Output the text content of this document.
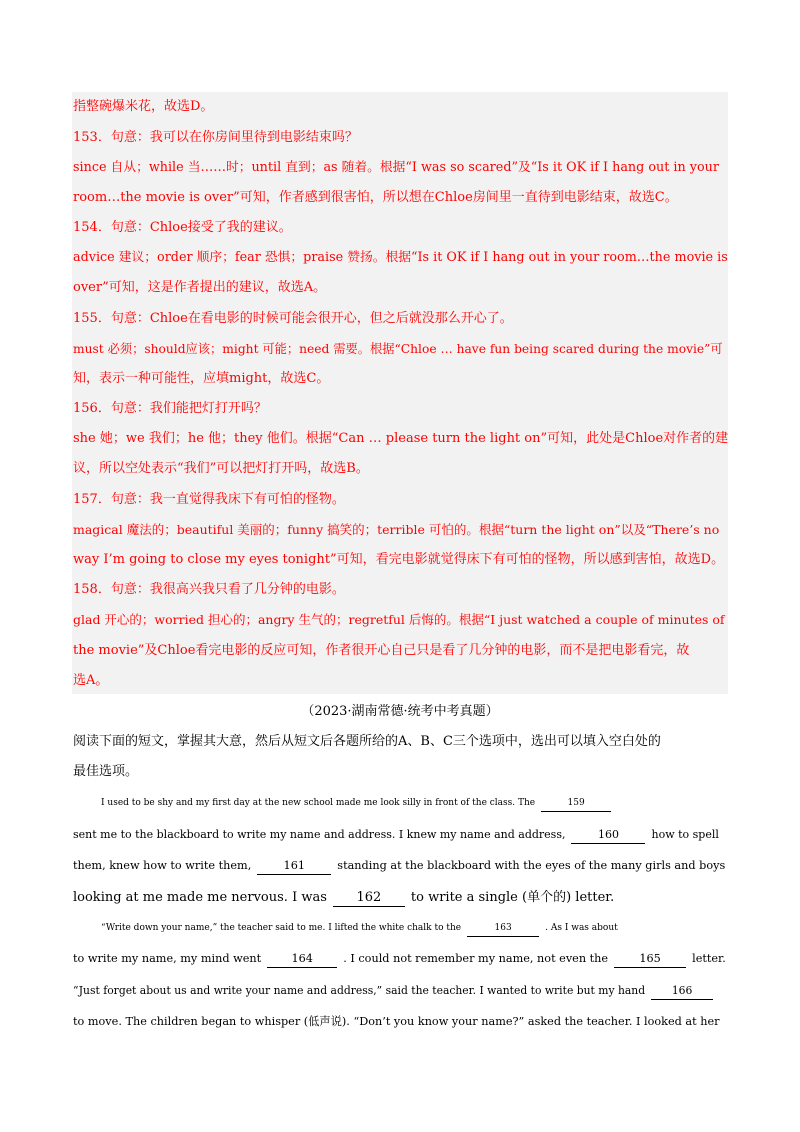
指整碗爆米花，故选D。
153．句意：我可以在你房间里待到电影结束吗？
since 自从；while 当……时；until 直到；as 随着。根据“I was so scared”及“Is it OK if I hang out in your
room…the movie is over”可知，作者感到很害怕，所以想在Chloe房间里一直待到电影结束，故选C。
154．句意：Chloe接受了我的建议。
advice 建议；order 顺序；fear 恐惧；praise 赞扬。根据“Is it OK if I hang out in your room…the movie is
over”可知，这是作者提出的建议，故选A。
155．句意：Chloe在看电影的时候可能会很开心，但之后就没那么开心了。
must 必须；should应该；might 可能；need 需要。根据“Chloe … have fun being scared during the movie”可
知，表示一种可能性，应填might，故选C。
156．句意：我们能把灯打开吗？
she 她；we 我们；he 他；they 他们。根据“Can … please turn the light on”可知，此处是Chloe对作者的建
议，所以空处表示“我们”可以把灯打开吗，故选B。
157．句意：我一直觉得我床下有可怕的怪物。
magical 魔法的；beautiful 美丽的；funny 搞笑的；terrible 可怕的。根据“turn the light on”以及“There’s no
way I’m going to close my eyes tonight”可知，看完电影就觉得床下有可怕的怪物，所以感到害怕，故选D。
158．句意：我很高兴我只看了几分钟的电影。
glad 开心的；worried 担心的；angry 生气的；regretful 后悔的。根据“I just watched a couple of minutes of
the movie”及Chloe看完电影的反应可知，作者很开心自己只是看了几分钟的电影，而不是把电影看完，故
选A。
（2023·湖南常德·统考中考真题）
阅读下面的短文，掌握其大意，然后从短文后各题所给的A、B、C三个选项中，选出可以填入空白处的
最佳选项。
I used to be shy and my first day at the new school made me look silly in front of the class. The	159
sent me to the blackboard to write my name and address. I knew my name and address,	160	how to spell
them, knew how to write them,	161	standing at the blackboard with the eyes of the many girls and boys
looking at me made me nervous. I was 162 to write a single (单个的) letter.
“Write down your name,” the teacher said to me. I lifted the white chalk to the	163	. As I was about
to write my name, my mind went	164	. I could not remember my name, not even the	165	letter.
“Just forget about us and write your name and address,” said the teacher. I wanted to write but my hand 166
to move. The children began to whisper (低声说). “Don’t you know your name?” asked the teacher. I looked at her
